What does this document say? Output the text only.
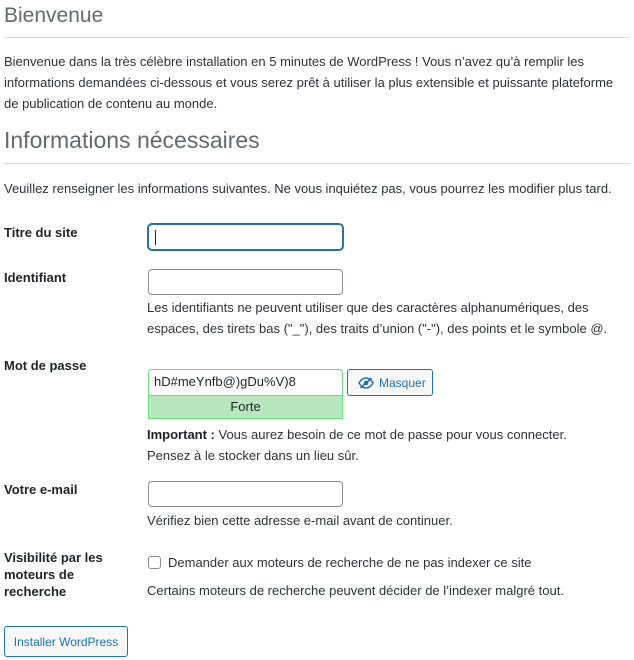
Bienvenue

Bienvenue dans la très célèbre installation en 5 minutes de WordPress ! Vous n’avez qu’à remplir les informations demandées ci-dessous et vous serez prêt à utiliser la plus extensible et puissante plateforme de publication de contenu au monde.

Informations nécessaires

Veuillez renseigner les informations suivantes. Ne vous inquiétez pas, vous pourrez les modifier plus tard.

Titre du site
Identifiant
Les identifiants ne peuvent utiliser que des caractères alphanumériques, des espaces, des tirets bas ("_"), des traits d’union ("-"), des points et le symbole @.
Mot de passe
hD#meYnfb@)gDu%V)8
Forte
Masquer
Important : Vous aurez besoin de ce mot de passe pour vous connecter. Pensez à le stocker dans un lieu sûr.
Votre e-mail
Vérifiez bien cette adresse e-mail avant de continuer.
Visibilité par les moteurs de recherche
Demander aux moteurs de recherche de ne pas indexer ce site
Certains moteurs de recherche peuvent décider de l’indexer malgré tout.
Installer WordPress
